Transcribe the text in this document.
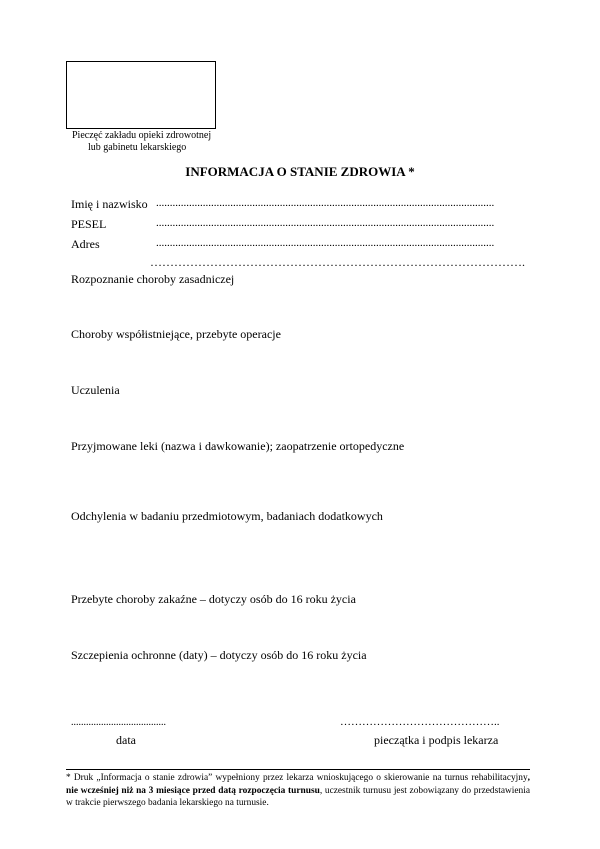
Pieczęć zakładu opieki zdrowotnej
lub gabinetu lekarskiego
INFORMACJA O STANIE ZDROWIA *
Imię i nazwisko ...........................................................................................................................
PESEL	...........................................................................................................................
Adres	...........................................................................................................................
………………………………………………………………………………….
Rozpoznanie choroby zasadniczej
Choroby współistniejące, przebyte operacje
Uczulenia
Przyjmowane leki (nazwa i dawkowanie); zaopatrzenie ortopedyczne
Odchylenia w badaniu przedmiotowym, badaniach dodatkowych
Przebyte choroby zakaźne – dotyczy osób do 16 roku życia
Szczepienia ochronne (daty) – dotyczy osób do 16 roku życia
......................................
data
……………………………………..
pieczątka i podpis lekarza
* Druk „Informacja o stanie zdrowia” wypełniony przez lekarza wnioskującego o skierowanie na turnus rehabilitacyjny, nie wcześniej niż na 3 miesiące przed datą rozpoczęcia turnusu, uczestnik turnusu jest zobowiązany do przedstawienia w trakcie pierwszego badania lekarskiego na turnusie.
